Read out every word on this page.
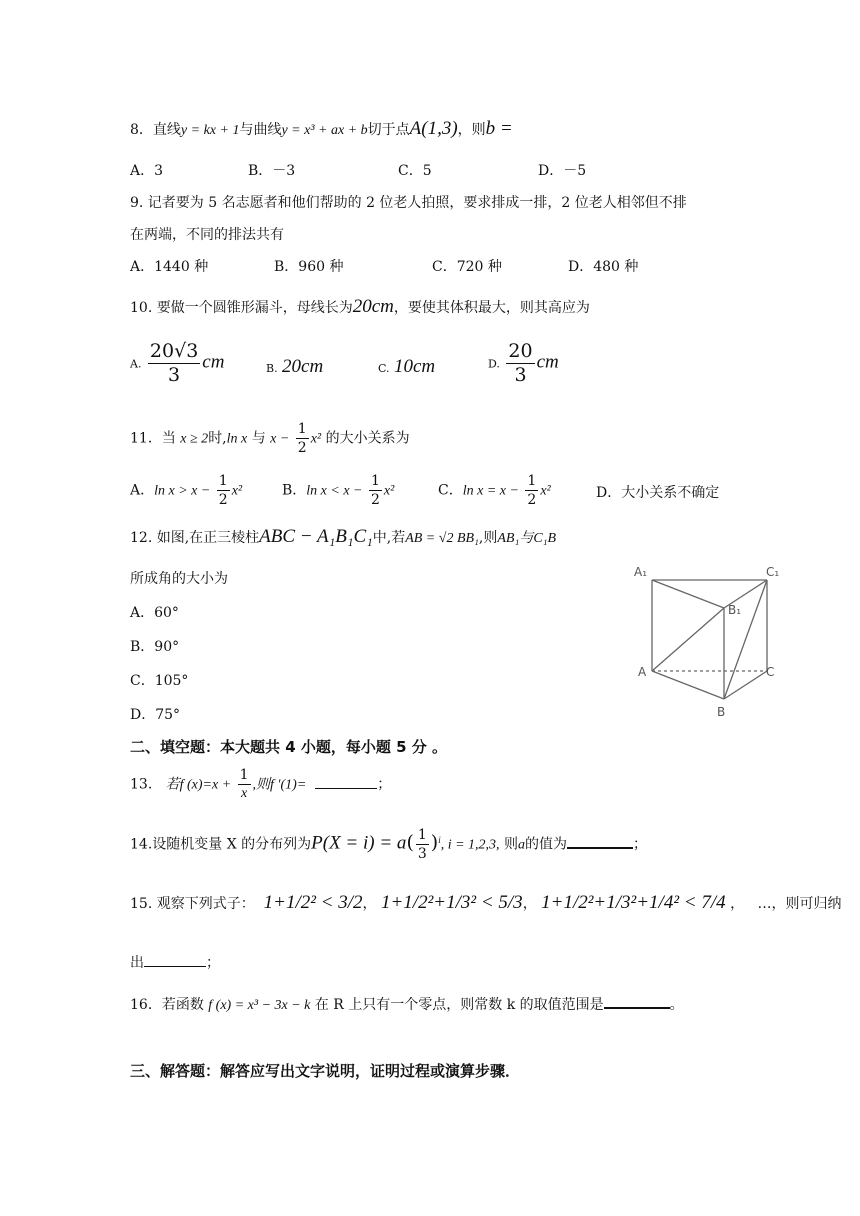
8．直线y = kx + 1与曲线y = x³ + ax + b切于点A(1,3)，则b =
A．3	B．－3	C．5	D．－5
9. 记者要为 5 名志愿者和他们帮助的 2 位老人拍照，要求排成一排，2 位老人相邻但不排
在两端，不同的排法共有
A．1440 种	B．960 种	C．720 种	D．480 种
10. 要做一个圆锥形漏斗，母线长为20cm，要使其体积最大，则其高应为
A. $\frac{20√3}{3}$ cm	B. 20cm	C. 10cm	D. $\frac{20}{3}$ cm
11．当 x ≥ 2时,ln x 与 $x - \frac{1}{2} x^2$ 的大小关系为
A．$\ln x > x - \frac{1}{2} x^2$	B．$\ln x < x - \frac{1}{2} x^2$	C．$\ln x = x - \frac{1}{2} x^2$	D．大小关系不确定
12. 如图,在正三棱柱ABC − A₁B₁C₁中,若AB = √2 BB₁,则AB₁与C₁B
所成角的大小为
A．60°
B．90°
C．105°
D．75°
A₁	C₁
B₁
A	C
B
二、填空题：本大题共 4 小题，每小题 5 分 。
13. 若f $(x)=x + \frac{1}{x}$ ,则f ′(1)=	；
14.设随机变量 X 的分布列为$P(X = i) = a( \frac{1}{3} )^i$, i = 1,2,3, 则a的值为	；
15. 观察下列式子： 1+1/2² < 3/2， 1+1/2²+1/3² < 5/3， 1+1/2²+1/3²+1/4² < 7/4 ，   …，则可归纳
出	；
16．若函数 f (x) = x³ − 3x − k 在 R 上只有一个零点，则常数 k 的取值范围是	。
三、解答题：解答应写出文字说明，证明过程或演算步骤．
